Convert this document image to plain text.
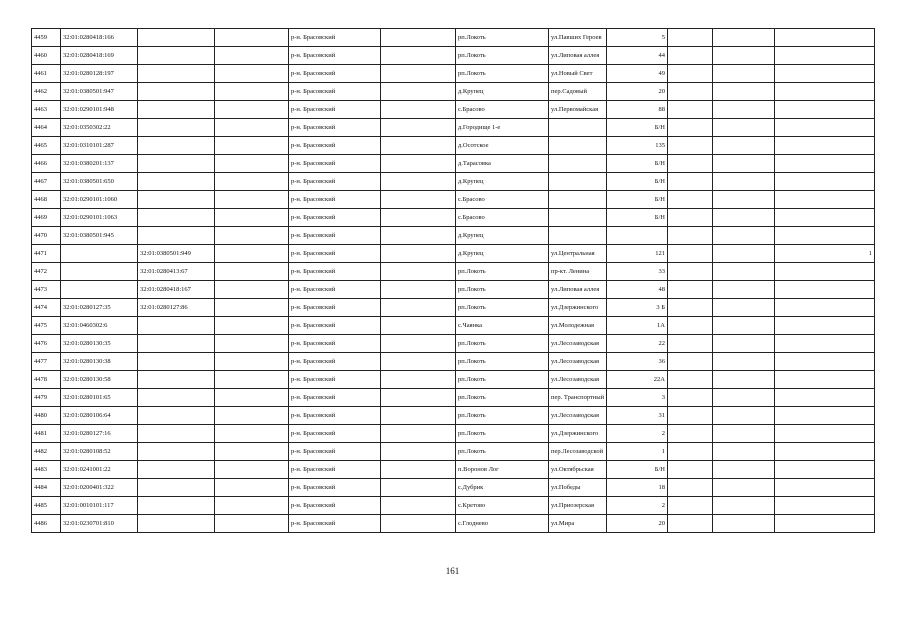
4459	32:01:0280418:166			р-н. Брасовский		рп.Локоть	ул.Павших Героев	5			
4460	32:01:0280418:169			р-н. Брасовский		рп.Локоть	ул.Липовая аллея	44			
4461	32:01:0280128:197			р-н. Брасовский		рп.Локоть	ул.Новый Свет	49			
4462	32:01:0380501:947			р-н. Брасовский		д.Крупец	пер.Садовый	20			
4463	32:01:0290101:948			р-н. Брасовский		с.Брасово	ул.Первомайская	88			
4464	32:01:0350302:22			р-н. Брасовский		д.Городище 1-е		Б/Н			
4465	32:01:0310101:287			р-н. Брасовский		д.Осотское		135			
4466	32:01:0380201:137			р-н. Брасовский		д.Тарасовка		Б/Н			
4467	32:01:0380501:650			р-н. Брасовский		д.Крупец		Б/Н			
4468	32:01:0290101:1060			р-н. Брасовский		с.Брасово		Б/Н			
4469	32:01:0290101:1063			р-н. Брасовский		с.Брасово		Б/Н			
4470	32:01:0380501:945			р-н. Брасовский		д.Крупец					
4471		32:01:0380501:949		р-н. Брасовский		д.Крупец	ул.Центральная	121			1
4472		32:01:0280413:67		р-н. Брасовский		рп.Локоть	пр-кт. Ленина	33			
4473		32:01:0280418:167		р-н. Брасовский		рп.Локоть	ул.Липовая аллея	48			
4474	32:01:0280127:35	32:01:0280127:86		р-н. Брасовский		рп.Локоть	ул.Дзержинского	3 Б			
4475	32:01:0460302:6			р-н. Брасовский		с.Чаянка	ул.Молодежная	1А			
4476	32:01:0280130:35			р-н. Брасовский		рп.Локоть	ул.Лесозаводская	22			
4477	32:01:0280130:38			р-н. Брасовский		рп.Локоть	ул.Лесозаводская	36			
4478	32:01:0280130:58			р-н. Брасовский		рп.Локоть	ул.Лесозаводская	22А			
4479	32:01:0280101:65			р-н. Брасовский		рп.Локоть	пер. Транспортный	3			
4480	32:01:0280106:64			р-н. Брасовский		рп.Локоть	ул.Лесозаводская	31			
4481	32:01:0280127:16			р-н. Брасовский		рп.Локоть	ул.Дзержинского	2			
4482	32:01:0280108:52			р-н. Брасовский		рп.Локоть	пер.Лесозаводской	1			
4483	32:01:0241001:22			р-н. Брасовский		п.Воронов Лог	ул.Октябрьская	Б/Н			
4484	32:01:0200401:322			р-н. Брасовский		с.Дубрик	ул.Победы	18			
4485	32:01:0010101:117			р-н. Брасовский		с.Кретово	ул.Приозерская	2			
4486	32:01:0230701:810			р-н. Брасовский		с.Глоднево	ул.Мира	20			
161
